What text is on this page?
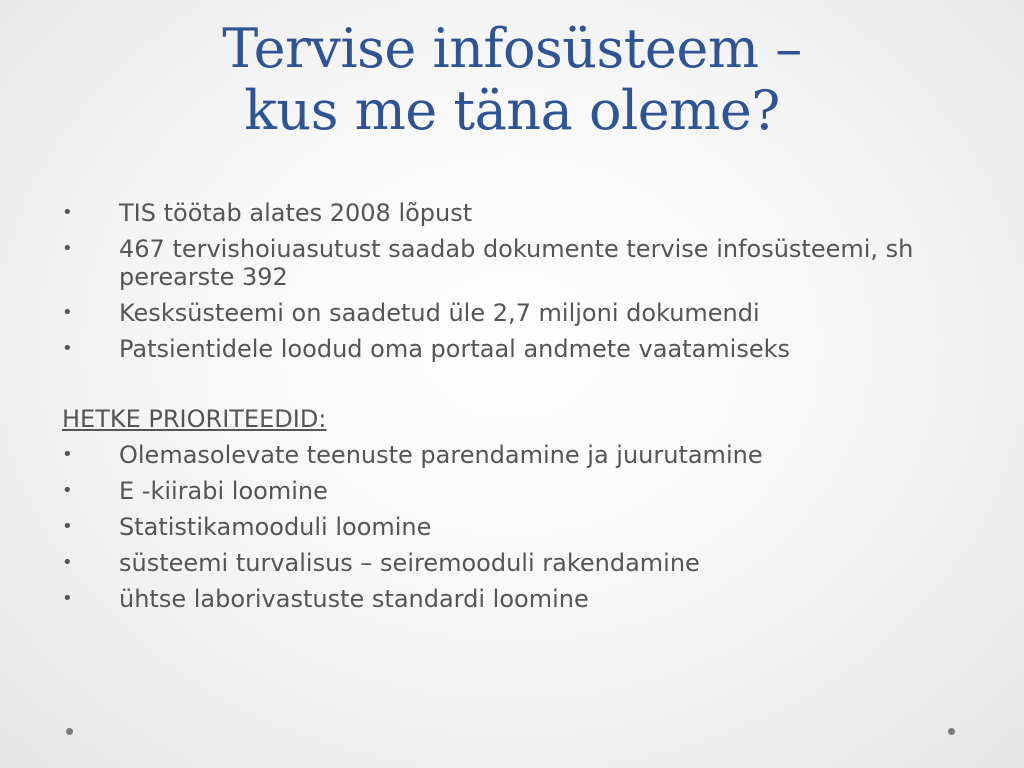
Tervise infosüsteem –
kus me täna oleme?
•	TIS töötab alates 2008 lõpust
•	467 tervishoiuasutust saadab dokumente tervise infosüsteemi, sh perearste 392
•	Kesksüsteemi on saadetud üle 2,7 miljoni dokumendi
•	Patsientidele loodud oma portaal andmete vaatamiseks
HETKE PRIORITEEDID:
•	Olemasolevate teenuste parendamine ja juurutamine
•	E -kiirabi loomine
•	Statistikamooduli loomine
•	süsteemi turvalisus – seiremooduli rakendamine
•	ühtse laborivastuste standardi loomine
